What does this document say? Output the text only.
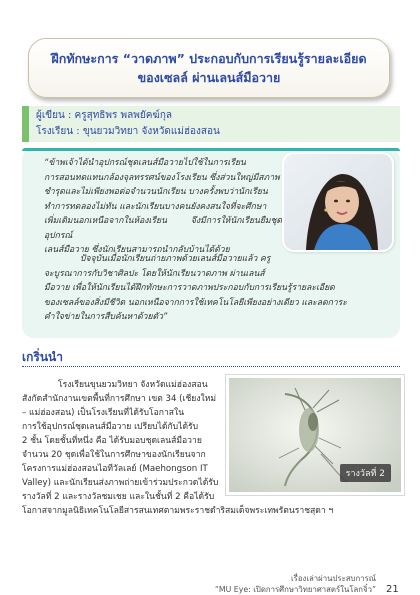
ฝึกทักษะการ “วาดภาพ” ประกอบกับการเรียนรู้รายละเอียด
ของเซลล์ ผ่านเลนส์มือวาย
ผู้เขียน : ครูสุทธิพร พลพยัคฆ์กุล
โรงเรียน : ขุนยวมวิทยา จังหวัดแม่ฮ่องสอน
“ข้าพเจ้าได้นำอุปกรณ์ชุดเลนส์มือวายไปใช้ในการเรียน
การสอนทดแทนกล้องจุลทรรศน์ของโรงเรียน ซึ่งส่วนใหญ่มีสภาพ
ชำรุดและไม่เพียงพอต่อจำนวนนักเรียน บางครั้งพบว่านักเรียน
ทำการทดลองไม่ทัน และนักเรียนบางคนยังคงสนใจที่จะศึกษา
เพิ่มเติมนอกเหนือจากในห้องเรียน จึงมีการให้นักเรียนยืมชุดอุปกรณ์
เลนส์มือวาย ซึ่งนักเรียนสามารถนำกลับบ้านได้ด้วย
ปัจจุบันเมื่อนักเรียนถ่ายภาพด้วยเลนส์มือวายแล้ว ครู
จะบูรณาการกับวิชาศิลปะ โดยให้นักเรียนวาดภาพ ผ่านเลนส์
มือวาย เพื่อให้นักเรียนได้ฝึกทักษะการวาดภาพประกอบกับการเรียนรู้รายละเอียด
ของเซลล์ของสิ่งมีชีวิต นอกเหนือจากการใช้เทคโนโลยีเพียงอย่างเดียว และลดการะ
คำใจข่ายในการสืบค้นหาด้วยตัว”
เกริ่นนำ
โรงเรียนขุนยวมวิทยา จังหวัดแม่ฮ่องสอน
สังกัดสำนักงานเขตพื้นที่การศึกษา เขต 34 (เชียงใหม่
– แม่ฮ่องสอน) เป็นโรงเรียนที่ได้รับโอกาสใน
การใช้อุปกรณ์ชุดเลนส์มือวาย เปรียบได้กับได้รับ
2 ชั้น โดยชั้นที่หนึ่ง คือ ได้รับมอบชุดเลนส์มือวาย
จำนวน 20 ชุดเพื่อใช้ในการศึกษาของนักเรียนจาก
โครงการแม่ฮ่องสอนไอทีวัลเลย์ (Maehongson IT
Valley) และนักเรียนส่งภาพถ่ายเข้าร่วมประกวดได้รับ
รางวัลที่ 2 และรางวัลชมเชย และในชั้นที่ 2 คือได้รับ
โอกาสจากมูลนิธิเทคโนโลยีสารสนเทศตามพระราชดำริสมเด็จพระเทพรัตนราชสุดา ฯ
รางวัลที่ 2
เรื่องเล่าผ่านประสบการณ์
“MU Eye: เปิดการศึกษาวิทยาศาสตร์ในโลกจิ๋ว” 21
